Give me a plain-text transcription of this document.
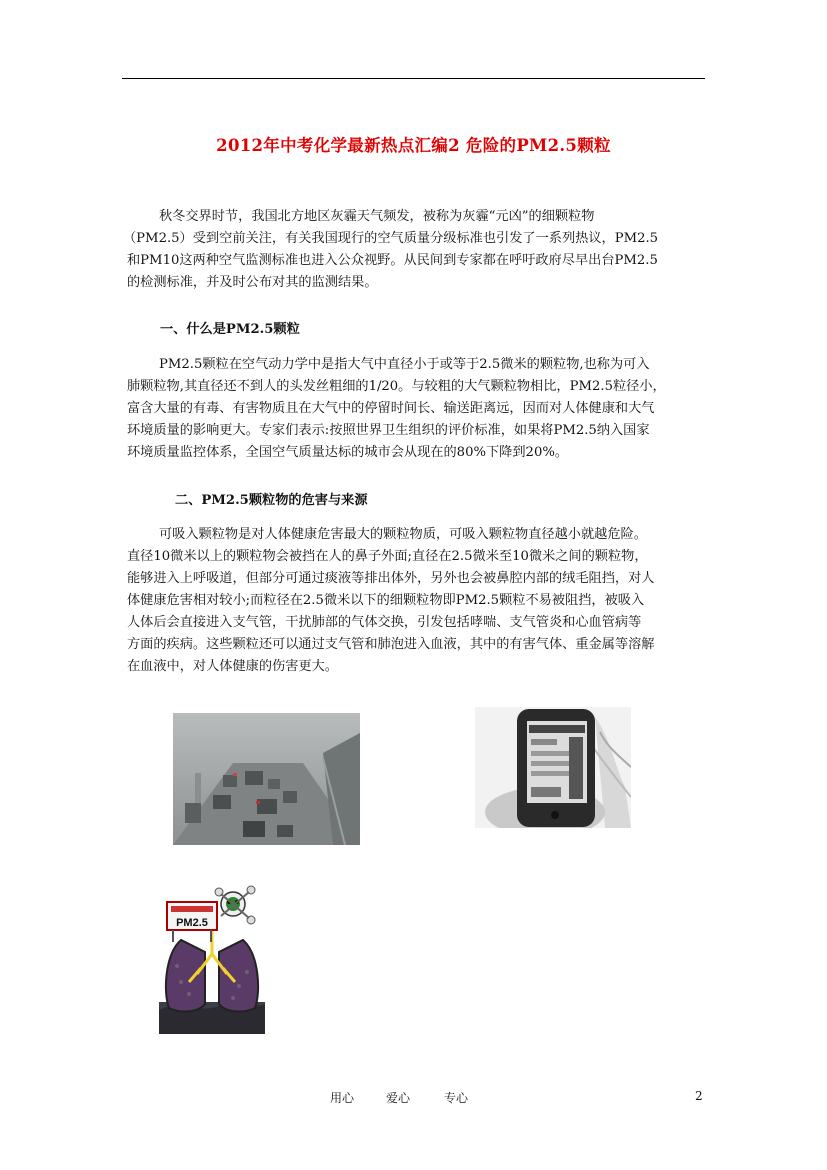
2012年中考化学最新热点汇编2 危险的PM2.5颗粒
秋冬交界时节，我国北方地区灰霾天气频发，被称为灰霾“元凶”的细颗粒物
（PM2.5）受到空前关注，有关我国现行的空气质量分级标准也引发了一系列热议，PM2.5
和PM10这两种空气监测标准也进入公众视野。从民间到专家都在呼吁政府尽早出台PM2.5
的检测标准，并及时公布对其的监测结果。
一、什么是PM2.5颗粒
PM2.5颗粒在空气动力学中是指大气中直径小于或等于2.5微米的颗粒物,也称为可入
肺颗粒物,其直径还不到人的头发丝粗细的1/20。与较粗的大气颗粒物相比，PM2.5粒径小，
富含大量的有毒、有害物质且在大气中的停留时间长、输送距离远，因而对人体健康和大气
环境质量的影响更大。专家们表示:按照世界卫生组织的评价标准，如果将PM2.5纳入国家
环境质量监控体系，全国空气质量达标的城市会从现在的80%下降到20%。
二、PM2.5颗粒物的危害与来源
可吸入颗粒物是对人体健康危害最大的颗粒物质，可吸入颗粒物直径越小就越危险。
直径10微米以上的颗粒物会被挡在人的鼻子外面;直径在2.5微米至10微米之间的颗粒物，
能够进入上呼吸道，但部分可通过痰液等排出体外，另外也会被鼻腔内部的绒毛阻挡，对人
体健康危害相对较小;而粒径在2.5微米以下的细颗粒物即PM2.5颗粒不易被阻挡，被吸入
人体后会直接进入支气管，干扰肺部的气体交换，引发包括哮喘、支气管炎和心血管病等
方面的疾病。这些颗粒还可以通过支气管和肺泡进入血液，其中的有害气体、重金属等溶解
在血液中，对人体健康的伤害更大。
PM2.5
用心	爱心	专心	2
